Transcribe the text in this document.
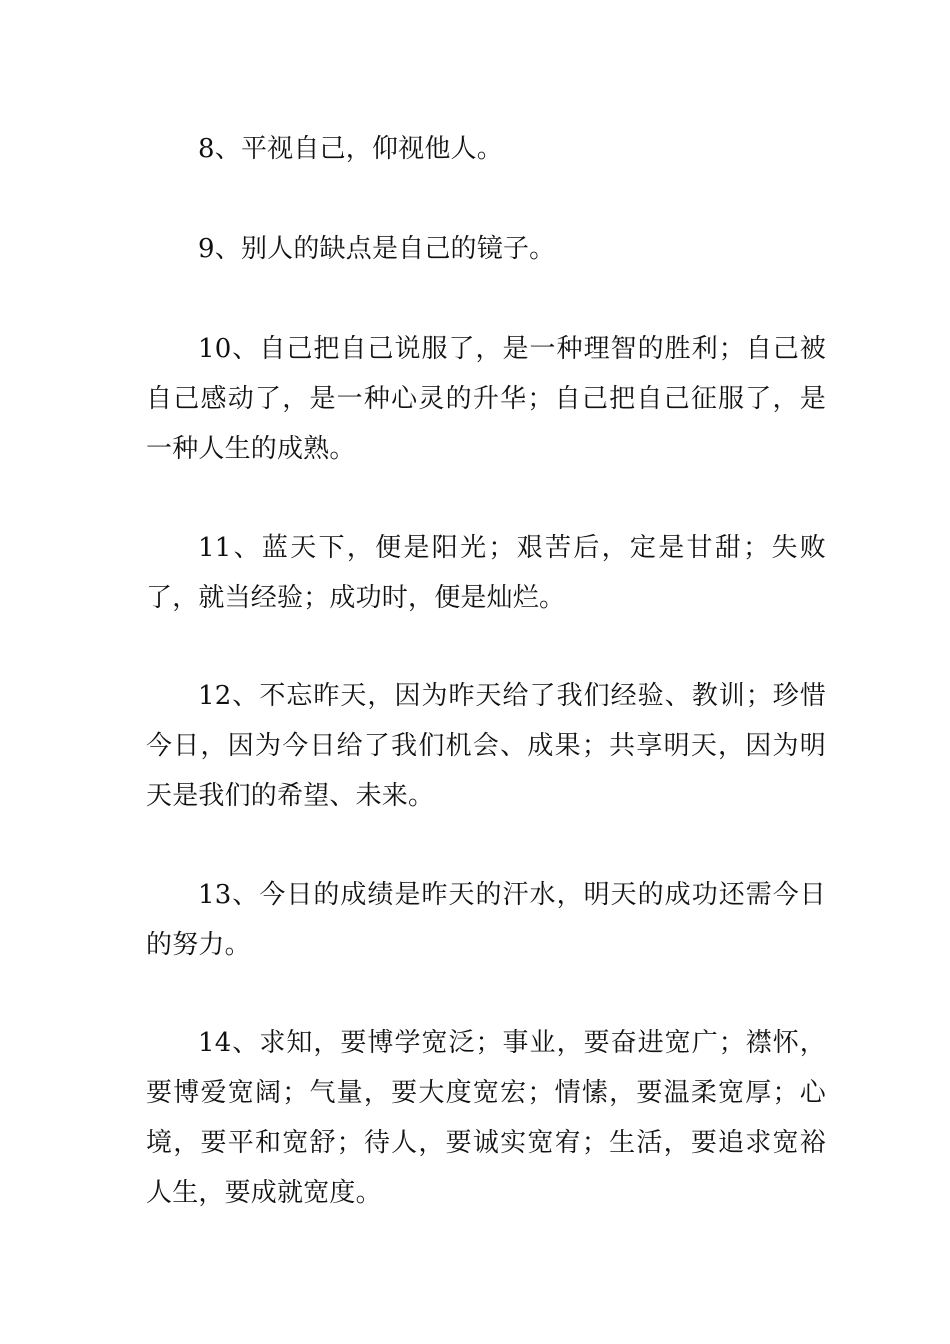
8、平视自己，仰视他人。

9、别人的缺点是自己的镜子。

10、自己把自己说服了，是一种理智的胜利；自己被自己感动了，是一种心灵的升华；自己把自己征服了，是一种人生的成熟。

11、蓝天下，便是阳光；艰苦后，定是甘甜；失败了，就当经验；成功时，便是灿烂。

12、不忘昨天，因为昨天给了我们经验、教训；珍惜今日，因为今日给了我们机会、成果；共享明天，因为明天是我们的希望、未来。

13、今日的成绩是昨天的汗水，明天的成功还需今日的努力。

14、求知，要博学宽泛；事业，要奋进宽广；襟怀，要博爱宽阔；气量，要大度宽宏；情愫，要温柔宽厚；心境，要平和宽舒；待人，要诚实宽宥；生活，要追求宽裕人生，要成就宽度。
